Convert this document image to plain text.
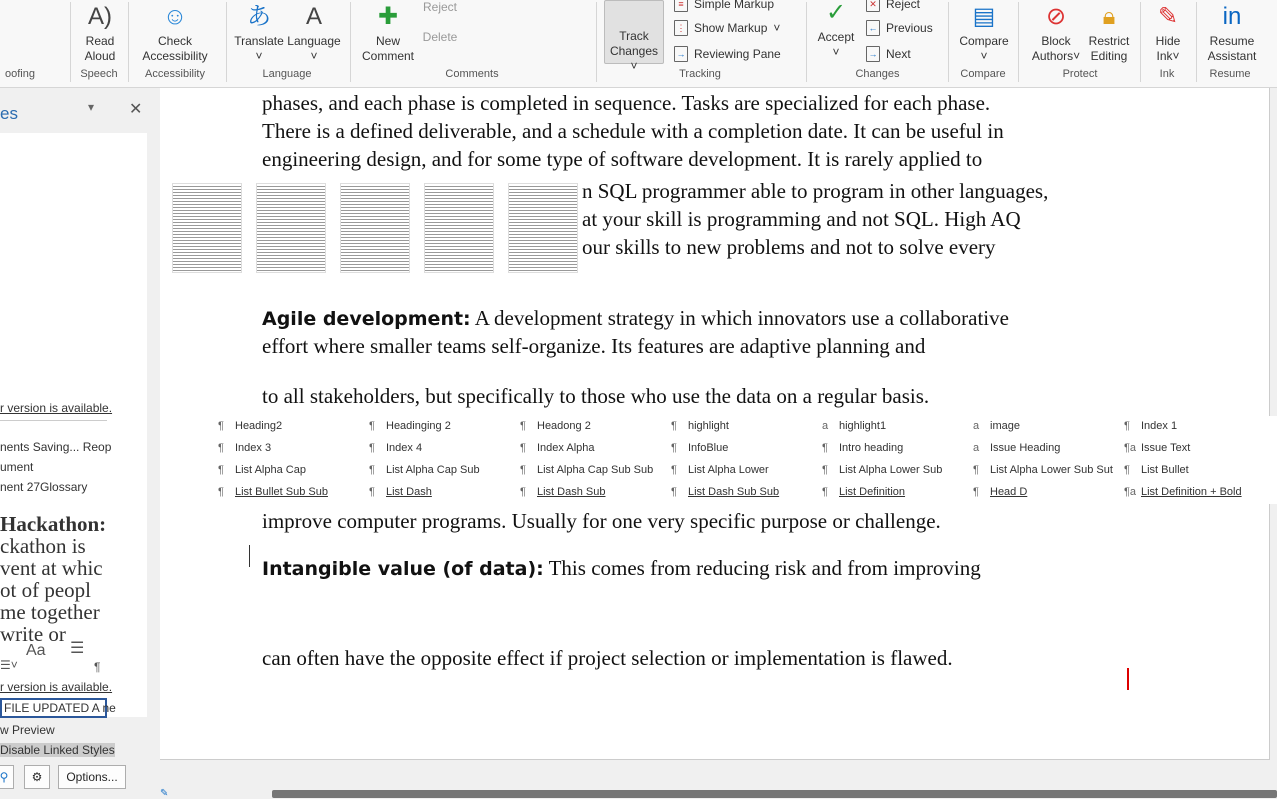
A)
Read Aloud
☺
Check Accessibility
あ
Translate
˅
A
Language
˅
✚
New Comment
Reject

Delete	Track Changes ˅
≡ Simple Markup
⋮ Show Markup ˅
→ Reviewing Pane
✓
Accept
˅
✕ Reject
← Previous
→ Next
▤
Compare
˅
⊘
Block Authors˅
🔒︎
Restrict Editing
✎
Hide Ink˅
in
Resume Assistant
oofing	Speech	Accessibility	Language	Comments	Tracking	Changes	Compare	Protect	Ink	Resume
es	▾ ✕
r version is available.
nents Saving... Reop
ument
nent 27Glossary
Hackathon:
ckathon is
vent at whic
ot of peopl
me together
write or
Aa ☰
☰˅	¶
r version is available.
FILE UPDATED A ne
w Preview
Disable Linked Styles
⚲	⚙	Options...
phases, and each phase is completed in sequence. Tasks are specialized for each phase.
There is a defined deliverable, and a schedule with a completion date. It can be useful in
engineering design, and for some type of software development. It is rarely applied to
n SQL programmer able to program in other languages,
at your skill is programming and not SQL. High AQ
our skills to new problems and not to solve every
Agile development: A development strategy in which innovators use a collaborative
effort where smaller teams self-organize. Its features are adaptive planning and
to all stakeholders, but specifically to those who use the data on a regular basis.
improve computer programs. Usually for one very specific purpose or challenge.
Intangible value (of data): This comes from reducing risk and from improving
can often have the opposite effect if project selection or implementation is flawed.
¶ Heading2	¶ Headinging 2	¶ Headong 2	¶ highlight	a highlight1	a image	¶ Index 1
¶ Index 3	¶ Index 4	¶ Index Alpha	¶ InfoBlue	¶ Intro heading	a Issue Heading	¶a Issue Text
¶ List Alpha Cap	¶ List Alpha Cap Sub	¶ List Alpha Cap Sub Sub ¶ List Alpha Lower	¶ List Alpha Lower Sub	¶ List Alpha Lower Sub Sut ¶ List Bullet
¶ List Bullet Sub Sub	¶ List Dash	¶ List Dash Sub	¶ List Dash Sub Sub	¶ List Definition	¶ Head D	¶a List Definition + Bold
✎
